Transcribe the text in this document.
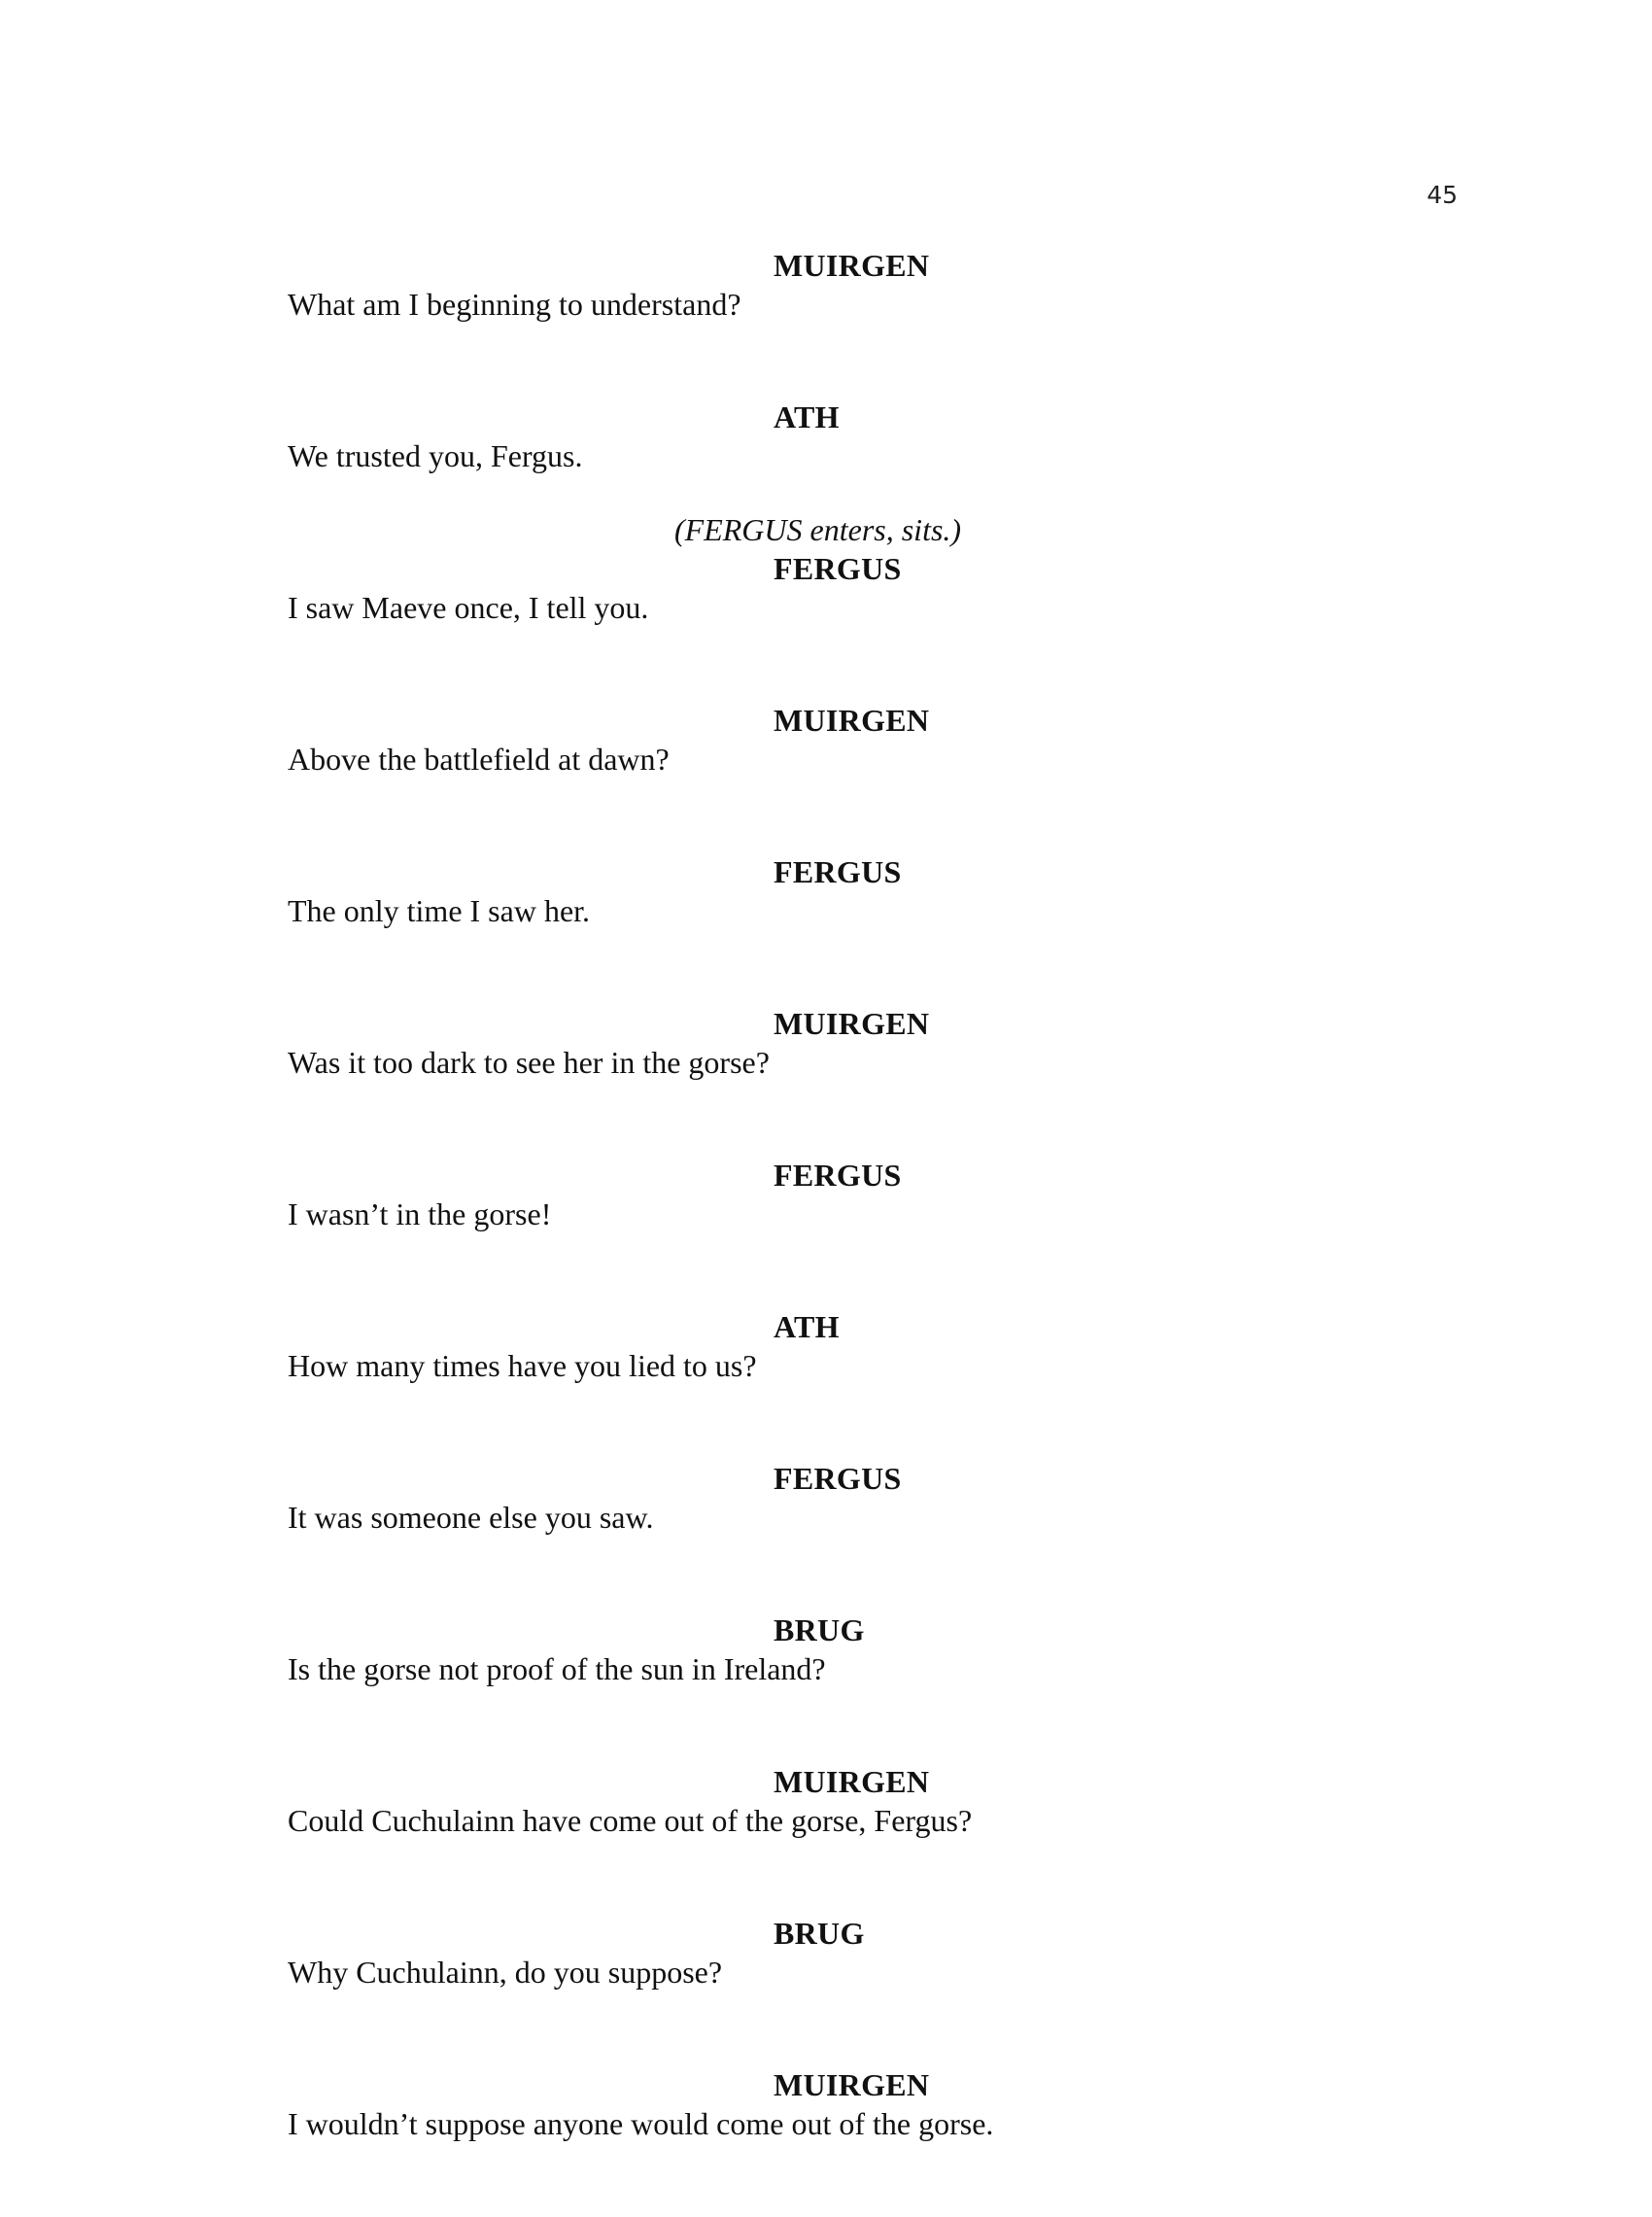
45
MUIRGEN
What am I beginning to understand?
ATH
We trusted you, Fergus.
(FERGUS enters, sits.)
FERGUS
I saw Maeve once, I tell you.
MUIRGEN
Above the battlefield at dawn?
FERGUS
The only time I saw her.
MUIRGEN
Was it too dark to see her in the gorse?
FERGUS
I wasn’t in the gorse!
ATH
How many times have you lied to us?
FERGUS
It was someone else you saw.
BRUG
Is the gorse not proof of the sun in Ireland?
MUIRGEN
Could Cuchulainn have come out of the gorse, Fergus?
BRUG
Why Cuchulainn, do you suppose?
MUIRGEN
I wouldn’t suppose anyone would come out of the gorse.
